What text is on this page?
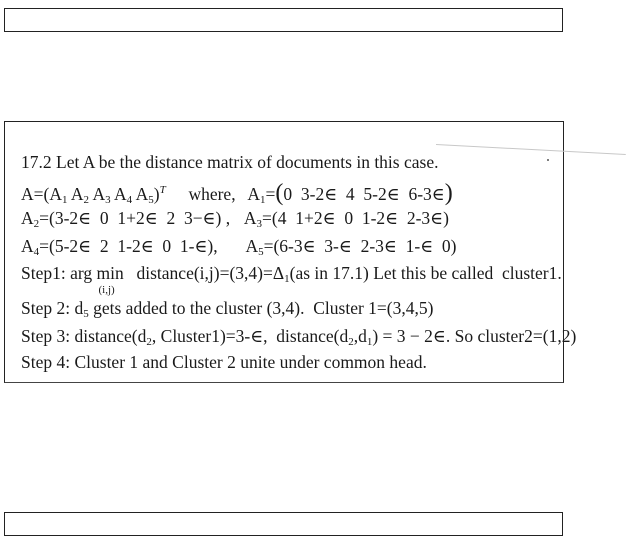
17.2 Let A be the distance matrix of documents in this case.
$A=(A_1$ $A_2$ $A_3$ $A_4$ $A_5)^T$ where, $A_1=(0$  3-2∈  4  5-2∈  6-3∈)
$A_2=(3-2\in$  0  1+2∈  2  3−∈) , $A_3=(4$  1+2∈  0  1-2∈  2-3∈)
$A_4=(5-2\in$  2  1-2∈  0  1-∈), $A_5=(6-3\in$  3-∈  2-3∈  1-∈  0)
Step1: arg min
(i,j)
$distance(i,j)=(3,4)=\Delta_1(as$ in 17.1) Let this be called  cluster1.
Step 2: $d_5$ gets added to the cluster (3,4).  Cluster 1=(3,4,5)
Step 3: $distance(d_2$, Cluster1)=3-∈,  $distance(d_2,d_1) = 3$ − 2∈. So cluster2=(1,2)
Step 4: Cluster 1 and Cluster 2 unite under common head.
